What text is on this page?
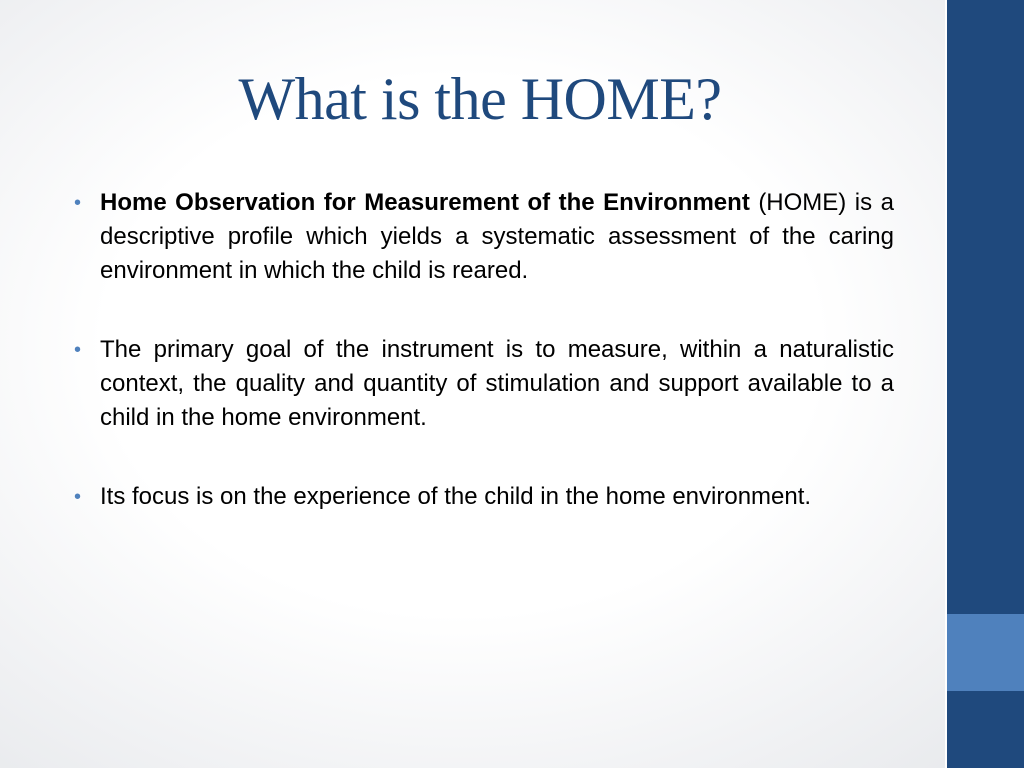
What is the HOME?
• Home Observation for Measurement of the Environment (HOME) is a descriptive profile which yields a systematic assessment of the caring environment in which the child is reared.
• The primary goal of the instrument is to measure, within a naturalistic context, the quality and quantity of stimulation and support available to a child in the home environment.
• Its focus is on the experience of the child in the home environment.
